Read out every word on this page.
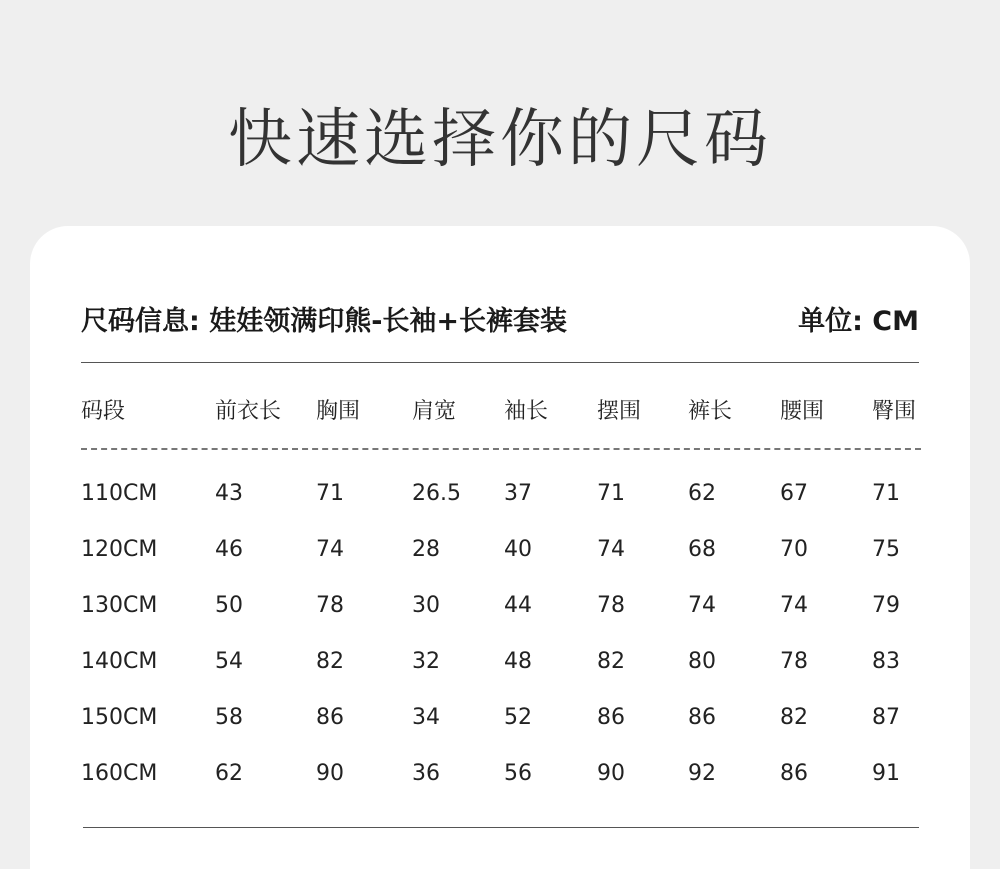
快速选择你的尺码
尺码信息: 娃娃领满印熊-长袖+长裤套装	单位: CM
码段	前衣长 胸围 肩宽 袖长 摆围 裤长 腰围 臀围
110CM	43	71	26.5 37	71	62	67	71
120CM	46	74	28	40	74	68	70	75
130CM	50	78	30	44	78	74	74	79
140CM	54	82	32	48	82	80	78	83
150CM	58	86	34	52	86	86	82	87
160CM	62	90	36	56	90	92	86	91
